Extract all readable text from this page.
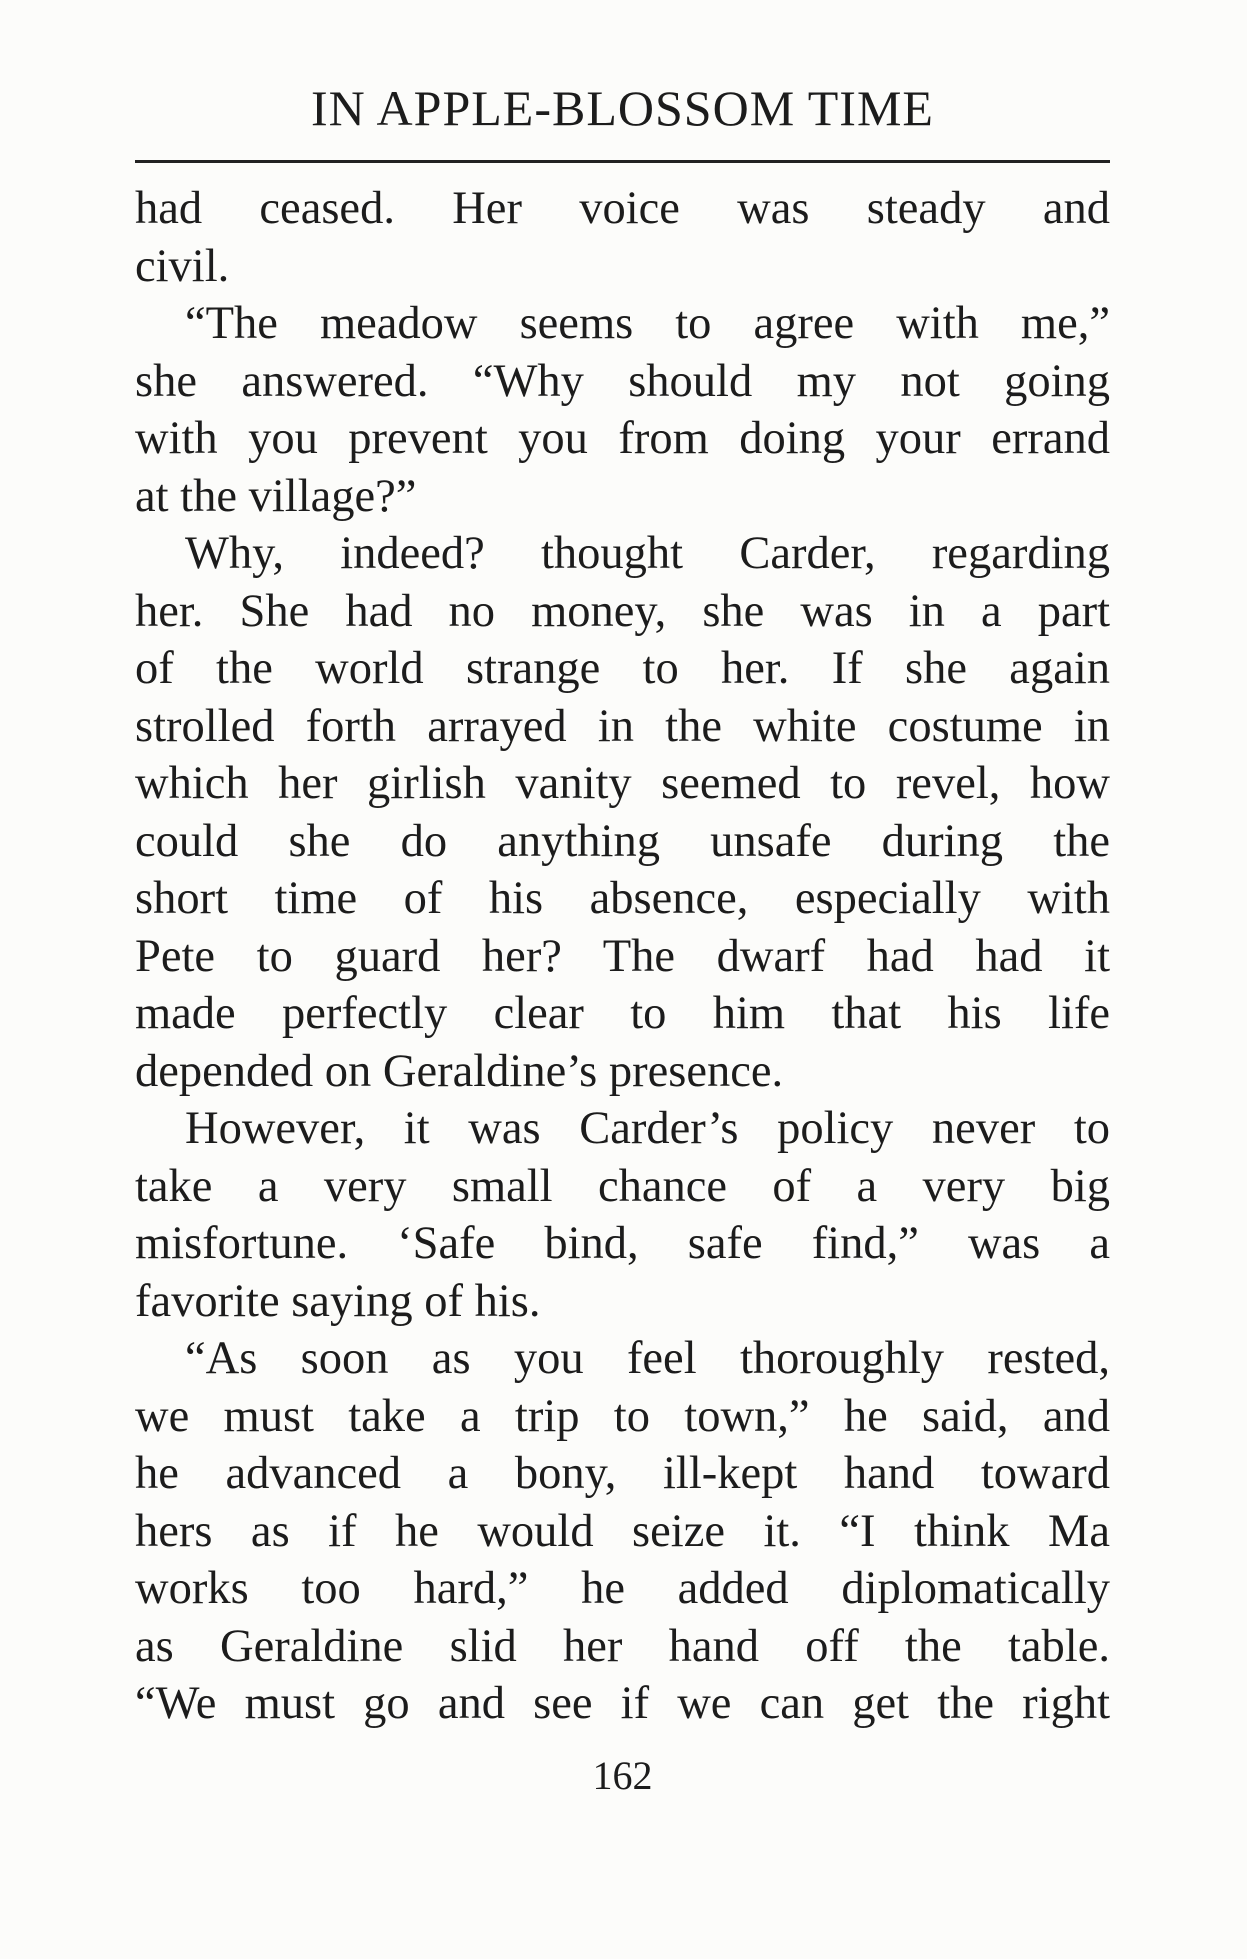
IN APPLE-BLOSSOM TIME
had ceased. Her voice was steady and
civil.
“The meadow seems to agree with me,”
she answered. “Why should my not going
with you prevent you from doing your errand
at the village?”
Why, indeed? thought Carder, regarding
her. She had no money, she was in a part
of the world strange to her. If she again
strolled forth arrayed in the white costume in
which her girlish vanity seemed to revel, how
could she do anything unsafe during the
short time of his absence, especially with
Pete to guard her? The dwarf had had it
made perfectly clear to him that his life
depended on Geraldine’s presence.
However, it was Carder’s policy never to
take a very small chance of a very big
misfortune. ‘Safe bind, safe find,” was a
favorite saying of his.
“As soon as you feel thoroughly rested,
we must take a trip to town,” he said, and
he advanced a bony, ill-kept hand toward
hers as if he would seize it. “I think Ma
works too hard,” he added diplomatically
as Geraldine slid her hand off the table.
“We must go and see if we can get the right
162
